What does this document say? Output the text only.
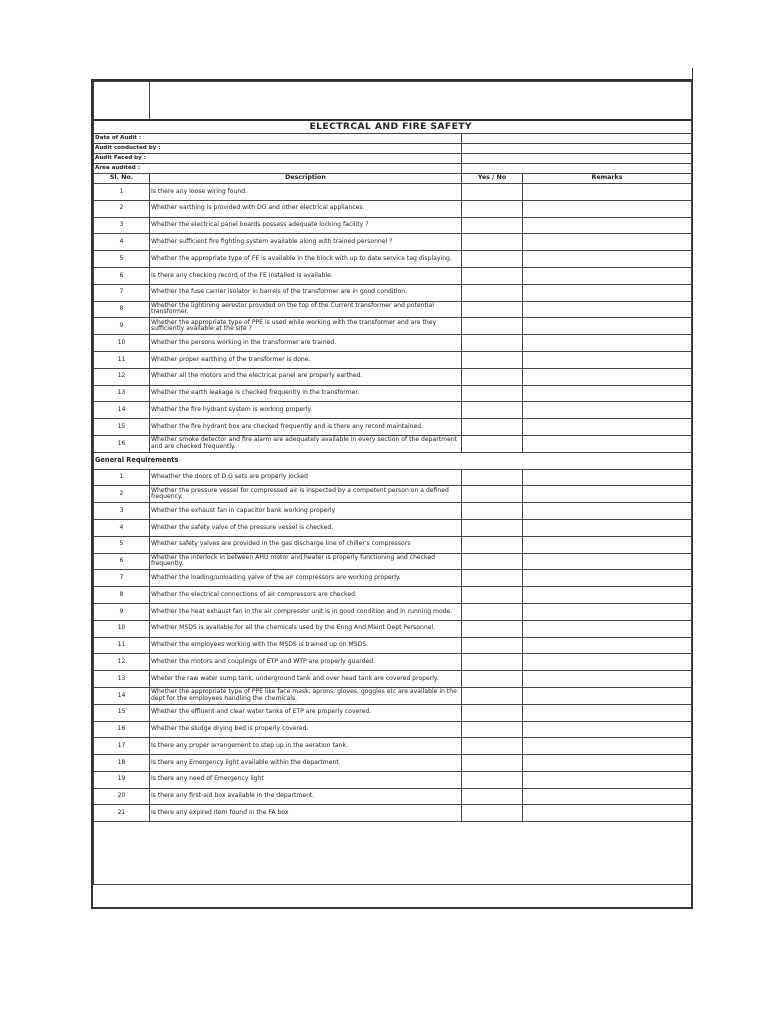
	ELECTRCAL AND FIRE SAFETY		
Date of Audit :			
Audit conducted by :			
Audit Faced by :			
Area audited :			
Sl. No.	Description	Yes / No	Remarks
1	Is there any loose wiring found.		
2	Whether earthing is provided with DG and other electrical appliances.		
3	Whether the electrical panel boards possess adequate locking facility ?		
4	Whether sufficient fire fighting system available along with trained personnel ?		
5	Whether the appropriate type of FE is available in the block with up to date service tag displaying.		
6	Is there any checking record of the FE installed is available.		
7	Whether the fuse carrier isolator in barrels of the transformer are in good condition.		
8	Whether the lightining aerestor provided on the top of the Current transformer and potential transformer.		
9	Whether the appropriate type of PPE is used while working with the transformer and are they sufficiently available at the site ?		
10	Whether the persons working in the transformer are trained.		
11	Whether proper earthing of the transformer is done.		
12	Whether all the motors and the electrical panel are properly earthed.		
13	Whether the earth leakage is checked frequently in the transformer.		
14	Whether the fire hydrant system is working properly.		
15	Whether the fire hydrant box are checked frequently and is there any record maintained.		
16	Whether smoke detector and fire alarm are adequately available in every section of the department and are checked frequently.		
General Requirements			
1	Wheather the doors of D.G sets are properly locked		
2	Whether the pressure vessel for compressed air is inspected by a competent person on a defined frequency.		
3	Whether the exhaust fan in capacitor bank working properly		
4	Whether the safety valve of the pressure vessel is checked.		
5	Whether safety valves are provided in the gas discharge line of chiller's compressors		
6	Whether the interlock in between AHU motor and heater is properly functioning and checked frequently.		
7	Whether the loading/unloading valve of the air compressors are working properly.		
8	Whether the electrical connections of air compressors are checked.		
9	Whether the heat exhaust fan in the air compressor unit is in good condition and in running mode.		
10	Whether MSDS is available for all the chemicals used by the Enng And Maint Dept Personnel.		
11	Whether the employees working with the MSDS is trained up on MSDS.		
12	Whether the motors and couplings of ETP and WTP are properly guarded.		
13	Wheter the raw water sump tank, underground tank and over head tank are covered properly.		
14	Whether the appropriate type of PPE like face mask, aprons, gloves, goggles etc are available in the dept for the employees handling the chemicals.		
15	Whether the effluent and clear water tanks of ETP are properly covered.		
16	Whether the sludge drying bed is properly covered.		
17	Is there any proper arrangement to step up in the aeration tank.		
18	Is there any Emergency light available within the department.		
19	Is there any need of Emergency light		
20	Is there any first-aid box available in the department.		
21	Is there any expired item found in the FA box		
